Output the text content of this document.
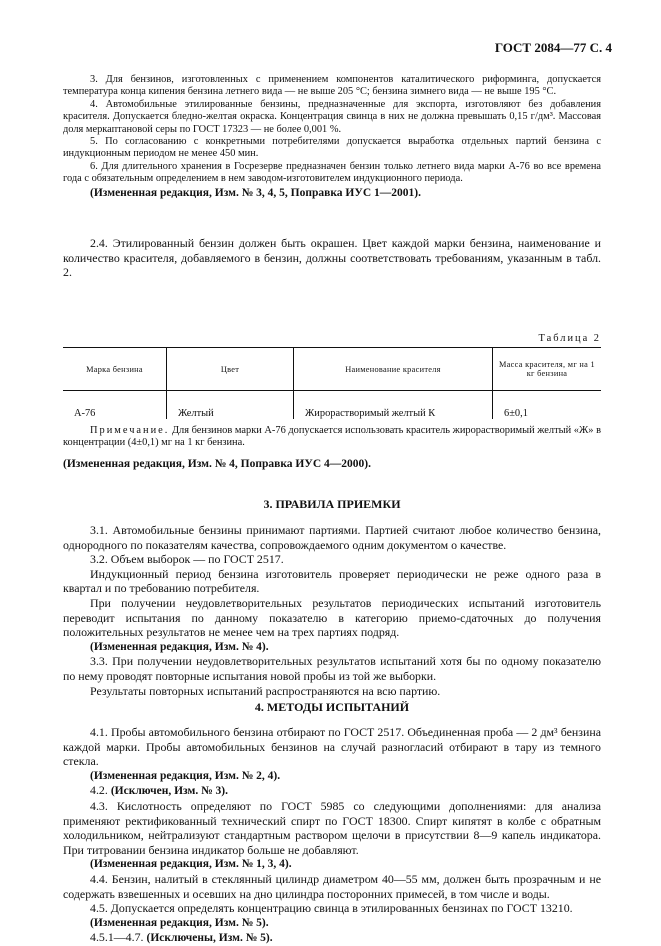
ГОСТ 2084—77 С. 4

3. Для бензинов, изготовленных с применением компонентов каталитического риформинга, допускается температура конца кипения бензина летнего вида — не выше 205 °С; бензина зимнего вида — не выше 195 °С.

4. Автомобильные этилированные бензины, предназначенные для экспорта, изготовляют без добавления красителя. Допускается бледно-желтая окраска. Концентрация свинца в них не должна превышать 0,15 г/дм³. Массовая доля меркаптановой серы по ГОСТ 17323 — не более 0,001 %.

5. По согласованию с конкретными потребителями допускается выработка отдельных партий бензина с индукционным периодом не менее 450 мин.

6. Для длительного хранения в Госрезерве предназначен бензин только летнего вида марки А-76 во все времена года с обязательным определением в нем заводом-изготовителем индукционного периода.

(Измененная редакция, Изм. № 3, 4, 5, Поправка ИУС 1—2001).

2.4. Этилированный бензин должен быть окрашен. Цвет каждой марки бензина, наименование и количество красителя, добавляемого в бензин, должны соответствовать требованиям, указанным в табл. 2.

Таблица 2
Марка бензина	Цвет	Наименование красителя	Масса красителя, мг на 1 кг бензина
А-76	Желтый	Жирорастворимый желтый К	6±0,1

Примечание. Для бензинов марки А-76 допускается использовать краситель жирорастворимый желтый «Ж» в концентрации (4±0,1) мг на 1 кг бензина.

(Измененная редакция, Изм. № 4, Поправка ИУС 4—2000).

3. ПРАВИЛА ПРИЕМКИ

3.1. Автомобильные бензины принимают партиями. Партией считают любое количество бензина, однородного по показателям качества, сопровождаемого одним документом о качестве.

3.2. Объем выборок — по ГОСТ 2517.

Индукционный период бензина изготовитель проверяет периодически не реже одного раза в квартал и по требованию потребителя.

При получении неудовлетворительных результатов периодических испытаний изготовитель переводит испытания по данному показателю в категорию приемо-сдаточных до получения положительных результатов не менее чем на трех партиях подряд.

(Измененная редакция, Изм. № 4).

3.3. При получении неудовлетворительных результатов испытаний хотя бы по одному показателю по нему проводят повторные испытания новой пробы из той же выборки.

Результаты повторных испытаний распространяются на всю партию.

4. МЕТОДЫ ИСПЫТАНИЙ

4.1. Пробы автомобильного бензина отбирают по ГОСТ 2517. Объединенная проба — 2 дм³ бензина каждой марки. Пробы автомобильных бензинов на случай разногласий отбирают в тару из темного стекла.

(Измененная редакция, Изм. № 2, 4).

4.2. (Исключен, Изм. № 3).

4.3. Кислотность определяют по ГОСТ 5985 со следующими дополнениями: для анализа применяют ректификованный технический спирт по ГОСТ 18300. Спирт кипятят в колбе с обратным холодильником, нейтрализуют стандартным раствором щелочи в присутствии 8—9 капель индикатора. При титровании бензина индикатор больше не добавляют.

(Измененная редакция, Изм. № 1, 3, 4).

4.4. Бензин, налитый в стеклянный цилиндр диаметром 40—55 мм, должен быть прозрачным и не содержать взвешенных и осевших на дно цилиндра посторонних примесей, в том числе и воды.

4.5. Допускается определять концентрацию свинца в этилированных бензинах по ГОСТ 13210.

(Измененная редакция, Изм. № 5).

4.5.1—4.7. (Исключены, Изм. № 5).
